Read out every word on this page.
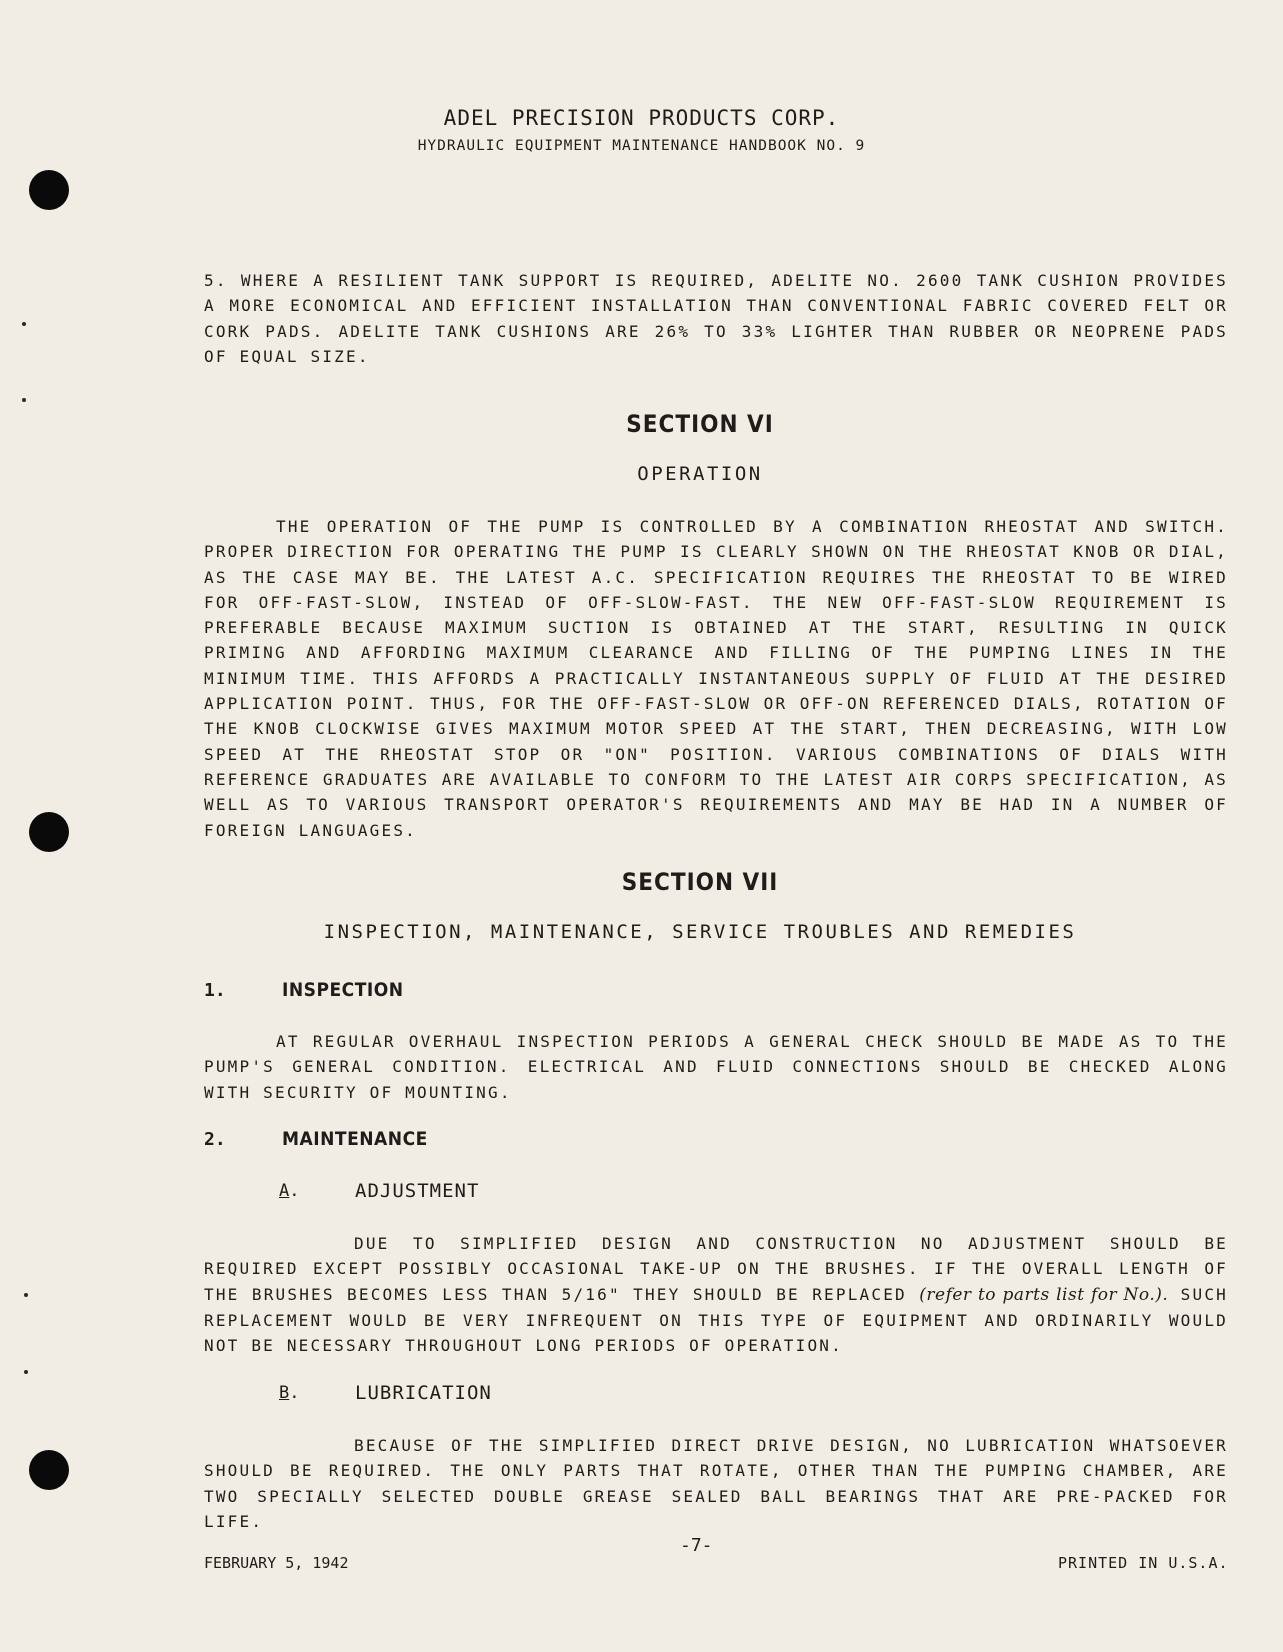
ADEL PRECISION PRODUCTS CORP.
HYDRAULIC EQUIPMENT MAINTENANCE HANDBOOK NO. 9
5. WHERE A RESILIENT TANK SUPPORT IS REQUIRED, ADELITE NO. 2600 TANK CUSHION PROVIDES A MORE ECONOMICAL AND EFFICIENT INSTALLATION THAN CONVENTIONAL FABRIC COVERED FELT OR CORK PADS. ADELITE TANK CUSHIONS ARE 26% TO 33% LIGHTER THAN RUBBER OR NEOPRENE PADS OF EQUAL SIZE.
SECTION VI
OPERATION
THE OPERATION OF THE PUMP IS CONTROLLED BY A COMBINATION RHEOSTAT AND SWITCH. PROPER DIRECTION FOR OPERATING THE PUMP IS CLEARLY SHOWN ON THE RHEOSTAT KNOB OR DIAL, AS THE CASE MAY BE. THE LATEST A.C. SPECIFICATION REQUIRES THE RHEOSTAT TO BE WIRED FOR OFF-FAST-SLOW, INSTEAD OF OFF-SLOW-FAST. THE NEW OFF-FAST-SLOW REQUIREMENT IS PREFERABLE BECAUSE MAXIMUM SUCTION IS OBTAINED AT THE START, RESULTING IN QUICK PRIMING AND AFFORDING MAXIMUM CLEARANCE AND FILLING OF THE PUMPING LINES IN THE MINIMUM TIME. THIS AFFORDS A PRACTICALLY INSTANTANEOUS SUPPLY OF FLUID AT THE DESIRED APPLICATION POINT. THUS, FOR THE OFF-FAST-SLOW OR OFF-ON REFERENCED DIALS, ROTATION OF THE KNOB CLOCKWISE GIVES MAXIMUM MOTOR SPEED AT THE START, THEN DECREASING, WITH LOW SPEED AT THE RHEOSTAT STOP OR "ON" POSITION. VARIOUS COMBINATIONS OF DIALS WITH REFERENCE GRADUATES ARE AVAILABLE TO CONFORM TO THE LATEST AIR CORPS SPECIFICATION, AS WELL AS TO VARIOUS TRANSPORT OPERATOR'S REQUIREMENTS AND MAY BE HAD IN A NUMBER OF FOREIGN LANGUAGES.
SECTION VII
INSPECTION, MAINTENANCE, SERVICE TROUBLES AND REMEDIES
1.	INSPECTION
AT REGULAR OVERHAUL INSPECTION PERIODS A GENERAL CHECK SHOULD BE MADE AS TO THE PUMP'S GENERAL CONDITION. ELECTRICAL AND FLUID CONNECTIONS SHOULD BE CHECKED ALONG WITH SECURITY OF MOUNTING.
2.	MAINTENANCE
A.	ADJUSTMENT
DUE TO SIMPLIFIED DESIGN AND CONSTRUCTION NO ADJUSTMENT SHOULD BE REQUIRED EXCEPT POSSIBLY OCCASIONAL TAKE-UP ON THE BRUSHES. IF THE OVERALL LENGTH OF THE BRUSHES BECOMES LESS THAN 5/16" THEY SHOULD BE REPLACED (refer to parts list for No.). SUCH REPLACEMENT WOULD BE VERY INFREQUENT ON THIS TYPE OF EQUIPMENT AND ORDINARILY WOULD NOT BE NECESSARY THROUGHOUT LONG PERIODS OF OPERATION.
B.	LUBRICATION
BECAUSE OF THE SIMPLIFIED DIRECT DRIVE DESIGN, NO LUBRICATION WHATSOEVER SHOULD BE REQUIRED. THE ONLY PARTS THAT ROTATE, OTHER THAN THE PUMPING CHAMBER, ARE TWO SPECIALLY SELECTED DOUBLE GREASE SEALED BALL BEARINGS THAT ARE PRE-PACKED FOR LIFE.
FEBRUARY 5, 1942
-7-
PRINTED IN U.S.A.
